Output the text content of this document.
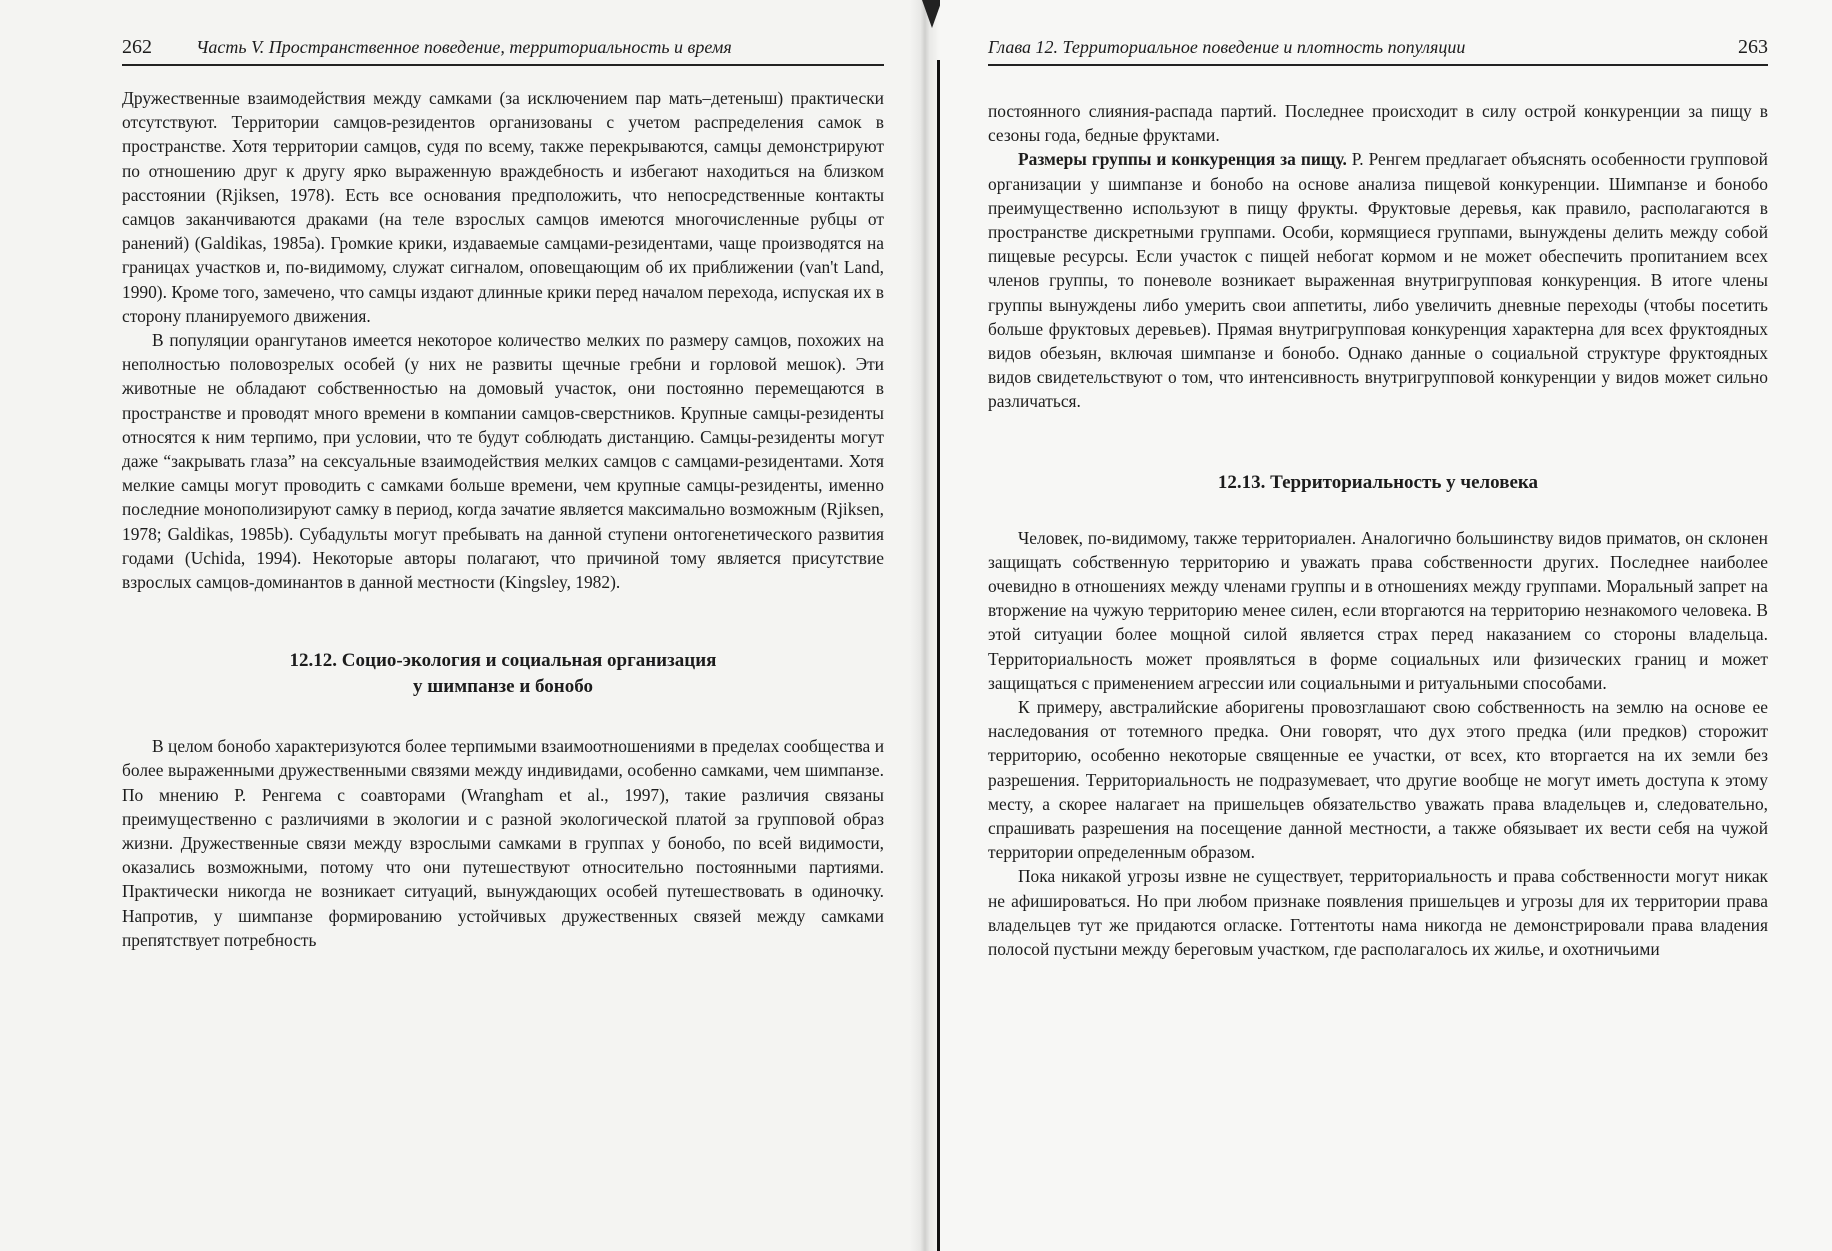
262 Часть V. Пространственное поведение, территориальность и время

Дружественные взаимодействия между самками (за исключением пар мать–детеныш) практически отсутствуют. Территории самцов-резидентов организованы с учетом распределения самок в пространстве. Хотя территории самцов, судя по всему, также перекрываются, самцы демонстрируют по отношению друг к другу ярко выраженную враждебность и избегают находиться на близком расстоянии (Rjiksen, 1978). Есть все основания предположить, что непосредственные контакты самцов заканчиваются драками (на теле взрослых самцов имеются многочисленные рубцы от ранений) (Galdikas, 1985a). Громкие крики, издаваемые самцами-резидентами, чаще производятся на границах участков и, по-видимому, служат сигналом, оповещающим об их приближении (van't Land, 1990). Кроме того, замечено, что самцы издают длинные крики перед началом перехода, испуская их в сторону планируемого движения.

В популяции орангутанов имеется некоторое количество мелких по размеру самцов, похожих на неполностью половозрелых особей (у них не развиты щечные гребни и горловой мешок). Эти животные не обладают собственностью на домовый участок, они постоянно перемещаются в пространстве и проводят много времени в компании самцов-сверстников. Крупные самцы-резиденты относятся к ним терпимо, при условии, что те будут соблюдать дистанцию. Самцы-резиденты могут даже “закрывать глаза” на сексуальные взаимодействия мелких самцов с самцами-резидентами. Хотя мелкие самцы могут проводить с самками больше времени, чем крупные самцы-резиденты, именно последние монополизируют самку в период, когда зачатие является максимально возможным (Rjiksen, 1978; Galdikas, 1985b). Субадульты могут пребывать на данной ступени онтогенетического развития годами (Uchida, 1994). Некоторые авторы полагают, что причиной тому является присутствие взрослых самцов-доминантов в данной местности (Kingsley, 1982).

12.12. Социо-экология и социальная организация
у шимпанзе и бонобо

В целом бонобо характеризуются более терпимыми взаимоотношениями в пределах сообщества и более выраженными дружественными связями между индивидами, особенно самками, чем шимпанзе. По мнению Р. Ренгема с соавторами (Wrangham et al., 1997), такие различия связаны преимущественно с различиями в экологии и с разной экологической платой за групповой образ жизни. Дружественные связи между взрослыми самками в группах у бонобо, по всей видимости, оказались возможными, потому что они путешествуют относительно постоянными партиями. Практически никогда не возникает ситуаций, вынуждающих особей путешествовать в одиночку. Напротив, у шимпанзе формированию устойчивых дружественных связей между самками препятствует потребность

Глава 12. Территориальное поведение и плотность популяции	263

постоянного слияния-распада партий. Последнее происходит в силу острой конкуренции за пищу в сезоны года, бедные фруктами.

Размеры группы и конкуренция за пищу. Р. Ренгем предлагает объяснять особенности групповой организации у шимпанзе и бонобо на основе анализа пищевой конкуренции. Шимпанзе и бонобо преимущественно используют в пищу фрукты. Фруктовые деревья, как правило, располагаются в пространстве дискретными группами. Особи, кормящиеся группами, вынуждены делить между собой пищевые ресурсы. Если участок с пищей небогат кормом и не может обеспечить пропитанием всех членов группы, то поневоле возникает выраженная внутригрупповая конкуренция. В итоге члены группы вынуждены либо умерить свои аппетиты, либо увеличить дневные переходы (чтобы посетить больше фруктовых деревьев). Прямая внутригрупповая конкуренция характерна для всех фруктоядных видов обезьян, включая шимпанзе и бонобо. Однако данные о социальной структуре фруктоядных видов свидетельствуют о том, что интенсивность внутригрупповой конкуренции у видов может сильно различаться.

12.13. Территориальность у человека

Человек, по-видимому, также территориален. Аналогично большинству видов приматов, он склонен защищать собственную территорию и уважать права собственности других. Последнее наиболее очевидно в отношениях между членами группы и в отношениях между группами. Моральный запрет на вторжение на чужую территорию менее силен, если вторгаются на территорию незнакомого человека. В этой ситуации более мощной силой является страх перед наказанием со стороны владельца. Территориальность может проявляться в форме социальных или физических границ и может защищаться с применением агрессии или социальными и ритуальными способами.

К примеру, австралийские аборигены провозглашают свою собственность на землю на основе ее наследования от тотемного предка. Они говорят, что дух этого предка (или предков) сторожит территорию, особенно некоторые священные ее участки, от всех, кто вторгается на их земли без разрешения. Территориальность не подразумевает, что другие вообще не могут иметь доступа к этому месту, а скорее налагает на пришельцев обязательство уважать права владельцев и, следовательно, спрашивать разрешения на посещение данной местности, а также обязывает их вести себя на чужой территории определенным образом.

Пока никакой угрозы извне не существует, территориальность и права собственности могут никак не афишироваться. Но при любом признаке появления пришельцев и угрозы для их территории права владельцев тут же придаются огласке. Готтентоты нама никогда не демонстрировали права владения полосой пустыни между береговым участком, где располагалось их жилье, и охотничьими
